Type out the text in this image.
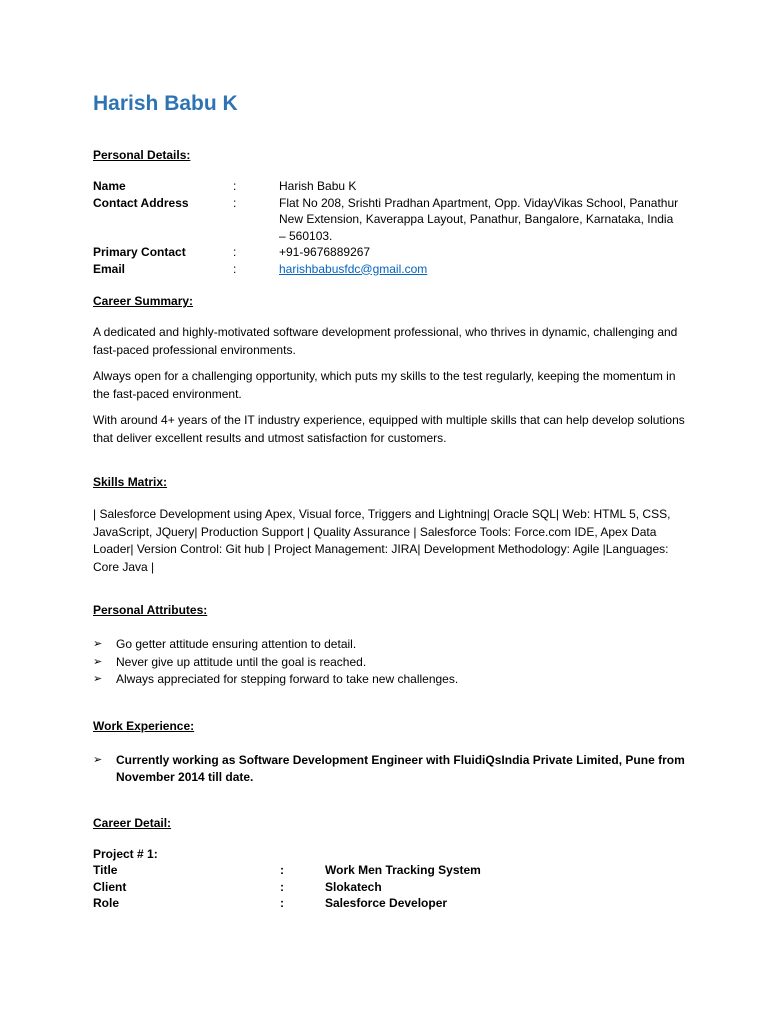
Harish Babu K

Personal Details:

Name	:	Harish Babu K
Contact Address	:	Flat No 208, Srishti Pradhan Apartment, Opp. VidayVikas School, Panathur New Extension, Kaverappa Layout, Panathur, Bangalore, Karnataka, India – 560103.
Primary Contact	:	+91-9676889267
Email	:	harishbabusfdc@gmail.com

Career Summary:

A dedicated and highly-motivated software development professional, who thrives in dynamic, challenging and fast-paced professional environments.

Always open for a challenging opportunity, which puts my skills to the test regularly, keeping the momentum in the fast-paced environment.

With around 4+ years of the IT industry experience, equipped with multiple skills that can help develop solutions that deliver excellent results and utmost satisfaction for customers.

Skills Matrix:

| Salesforce Development using Apex, Visual force, Triggers and Lightning| Oracle SQL| Web: HTML 5, CSS, JavaScript, JQuery| Production Support | Quality Assurance | Salesforce Tools: Force.com IDE, Apex Data Loader| Version Control: Git hub | Project Management: JIRA| Development Methodology: Agile |Languages: Core Java |

Personal Attributes:

➢ Go getter attitude ensuring attention to detail.
➢ Never give up attitude until the goal is reached.
➢ Always appreciated for stepping forward to take new challenges.

Work Experience:

➢ Currently working as Software Development Engineer with FluidiQsIndia Private Limited, Pune from November 2014 till date.

Career Detail:

Project # 1:

Title	:	Work Men Tracking System
Client	:	Slokatech
Role	:	Salesforce Developer
